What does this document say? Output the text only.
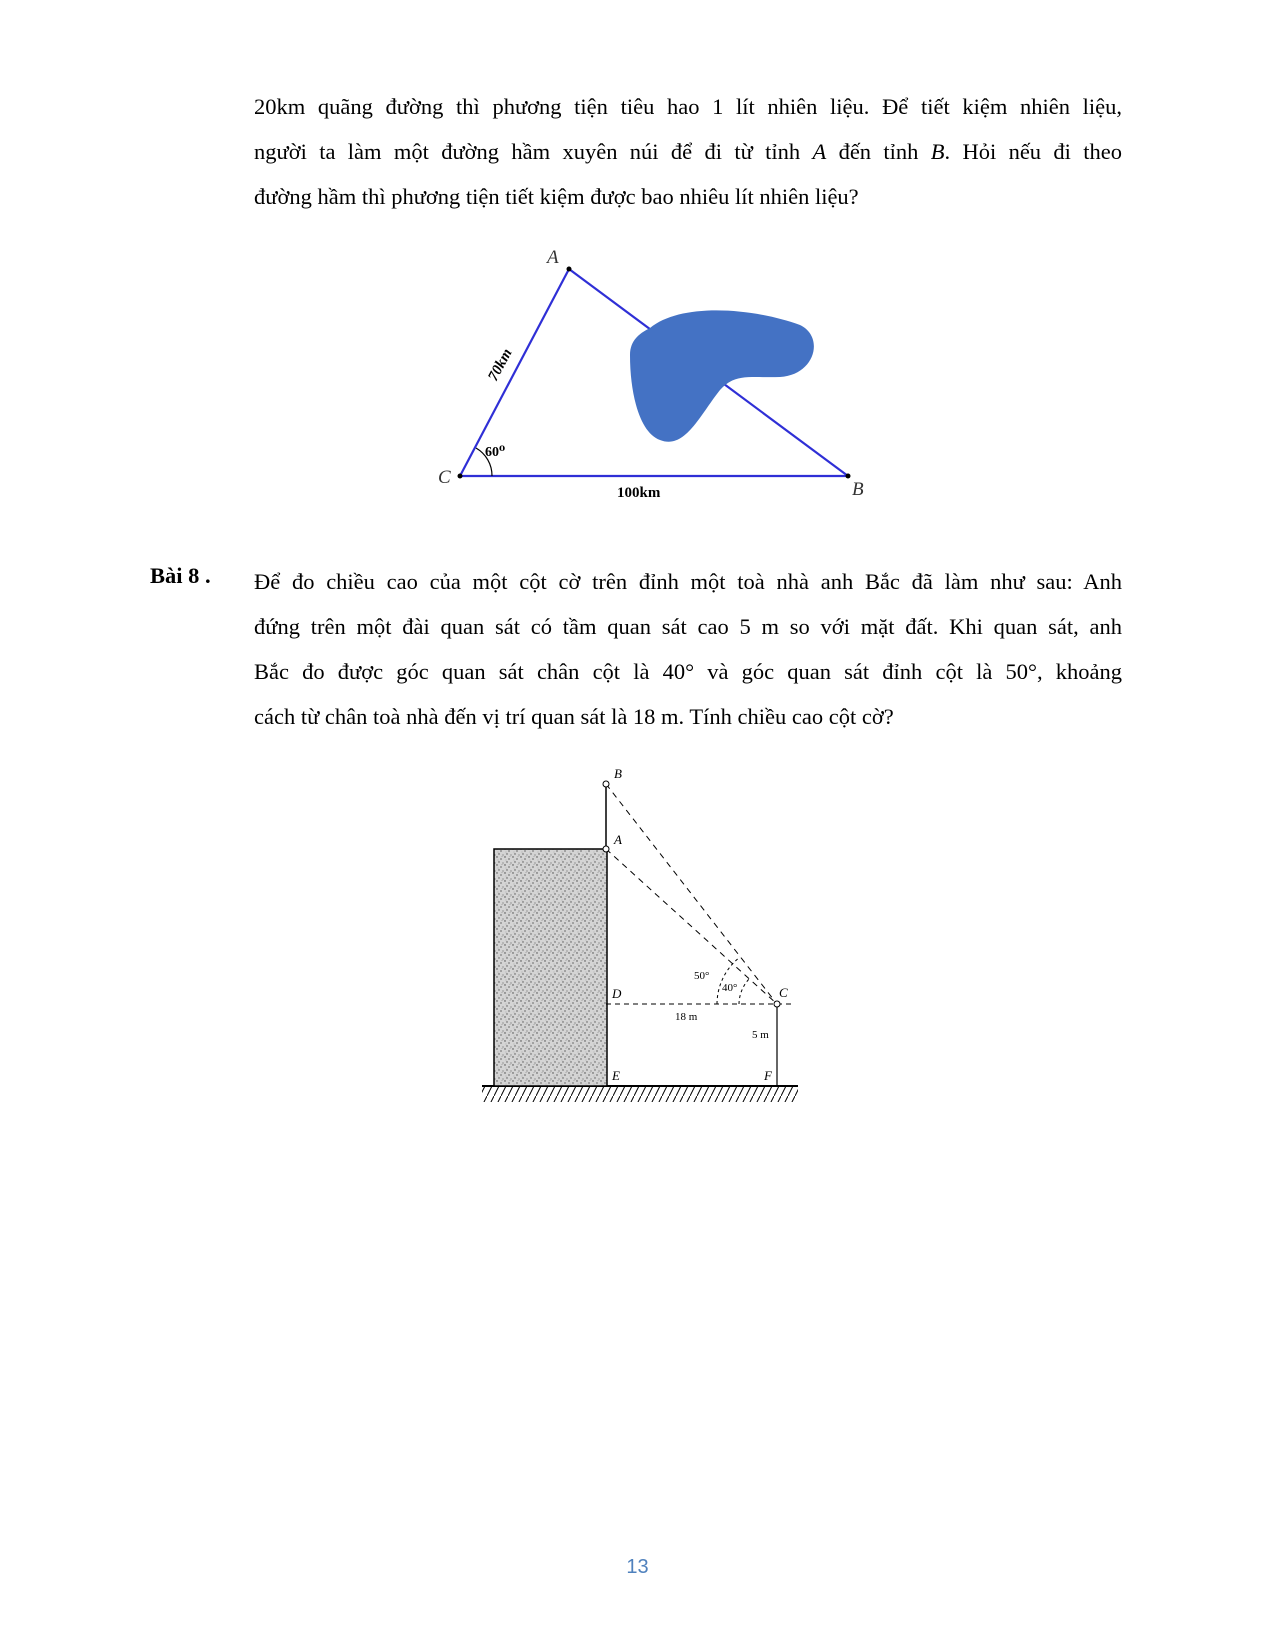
20km quãng đường thì phương tiện tiêu hao 1 lít nhiên liệu. Để tiết kiệm nhiên liệu,
người ta làm một đường hầm xuyên núi để đi từ tỉnh A đến tỉnh B. Hỏi nếu đi theo
đường hầm thì phương tiện tiết kiệm được bao nhiêu lít nhiên liệu?
A
B
C
70km
100km
60⁰
Bài 8 . Để đo chiều cao của một cột cờ trên đỉnh một toà nhà anh Bắc đã làm như sau: Anh
đứng trên một đài quan sát có tầm quan sát cao 5 m so với mặt đất. Khi quan sát, anh
Bắc đo được góc quan sát chân cột là 40° và góc quan sát đỉnh cột là 50°, khoảng
cách từ chân toà nhà đến vị trí quan sát là 18 m. Tính chiều cao cột cờ?
B
A
C
D
E	F
50°
40°
18 m
5 m
13
